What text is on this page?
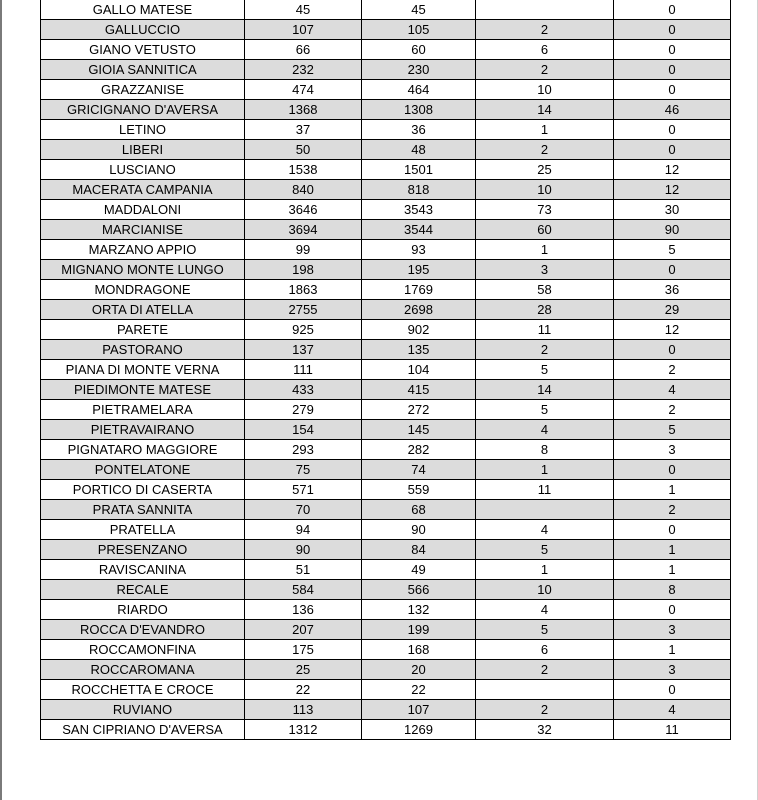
GALLO MATESE	45	45		0
GALLUCCIO	107	105	2	0
GIANO VETUSTO	66	60	6	0
GIOIA SANNITICA	232	230	2	0
GRAZZANISE	474	464	10	0
GRICIGNANO D'AVERSA	1368	1308	14	46
LETINO	37	36	1	0
LIBERI	50	48	2	0
LUSCIANO	1538	1501	25	12
MACERATA CAMPANIA	840	818	10	12
MADDALONI	3646	3543	73	30
MARCIANISE	3694	3544	60	90
MARZANO APPIO	99	93	1	5
MIGNANO MONTE LUNGO	198	195	3	0
MONDRAGONE	1863	1769	58	36
ORTA DI ATELLA	2755	2698	28	29
PARETE	925	902	11	12
PASTORANO	137	135	2	0
PIANA DI MONTE VERNA	111	104	5	2
PIEDIMONTE MATESE	433	415	14	4
PIETRAMELARA	279	272	5	2
PIETRAVAIRANO	154	145	4	5
PIGNATARO MAGGIORE	293	282	8	3
PONTELATONE	75	74	1	0
PORTICO DI CASERTA	571	559	11	1
PRATA SANNITA	70	68		2
PRATELLA	94	90	4	0
PRESENZANO	90	84	5	1
RAVISCANINA	51	49	1	1
RECALE	584	566	10	8
RIARDO	136	132	4	0
ROCCA D'EVANDRO	207	199	5	3
ROCCAMONFINA	175	168	6	1
ROCCAROMANA	25	20	2	3
ROCCHETTA E CROCE	22	22		0
RUVIANO	113	107	2	4
SAN CIPRIANO D'AVERSA	1312	1269	32	11
